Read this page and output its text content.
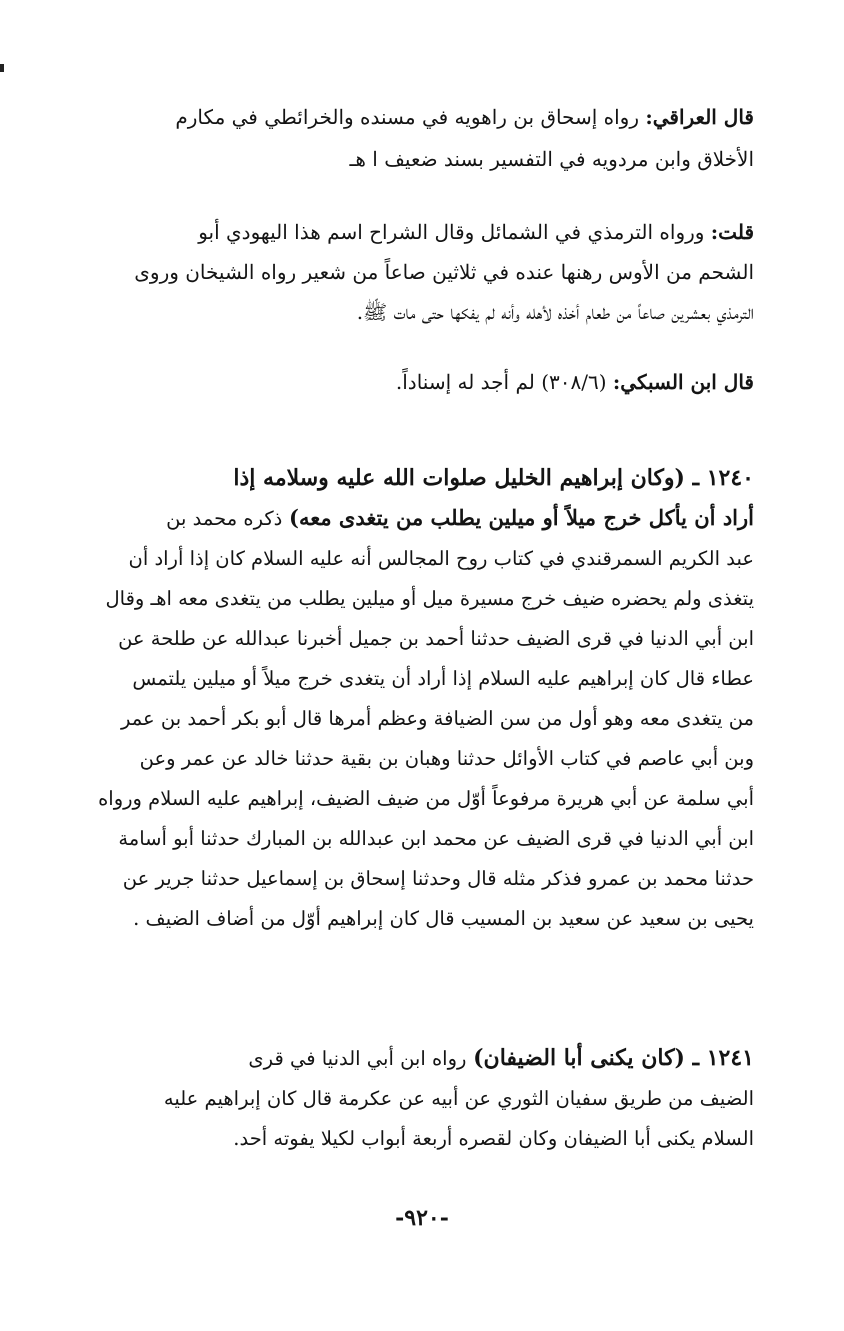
قال العراقي: رواه إسحاق بن راهويه في مسنده والخرائطي في مكارم
الأخلاق وابن مردويه في التفسير بسند ضعيف ا هـ
قلت: ورواه الترمذي في الشمائل وقال الشراح اسم هذا اليهودي أبو
الشحم من الأوس رهنها عنده في ثلاثين صاعاً من شعير رواه الشيخان وروى
الترمذي بعشرين صاعاً من طعام أخذه لأهله وأنه لم يفكها حتى مات ﷺ.
قال ابن السبكي: (٣٠٨/٦) لم أجد له إسناداً.
١٢٤٠ ـ (وكان إبراهيم الخليل صلوات الله عليه وسلامه إذا
أراد أن يأكل خرج ميلاً أو ميلين يطلب من يتغدى معه) ذكره محمد بن
عبد الكريم السمرقندي في كتاب روح المجالس أنه عليه السلام كان إذا أراد أن
يتغذى ولم يحضره ضيف خرج مسيرة ميل أو ميلين يطلب من يتغدى معه اهـ وقال
ابن أبي الدنيا في قرى الضيف حدثنا أحمد بن جميل أخبرنا عبدالله عن طلحة عن
عطاء قال كان إبراهيم عليه السلام إذا أراد أن يتغدى خرج ميلاً أو ميلين يلتمس
من يتغدى معه وهو أول من سن الضيافة وعظم أمرها قال أبو بكر أحمد بن عمر
وبن أبي عاصم في كتاب الأوائل حدثنا وهبان بن بقية حدثنا خالد عن عمر وعن
أبي سلمة عن أبي هريرة مرفوعاً أوّل من ضيف الضيف، إبراهيم عليه السلام ورواه
ابن أبي الدنيا في قرى الضيف عن محمد ابن عبدالله بن المبارك حدثنا أبو أسامة
حدثنا محمد بن عمرو فذكر مثله قال وحدثنا إسحاق بن إسماعيل حدثنا جرير عن
يحيى بن سعيد عن سعيد بن المسيب قال كان إبراهيم أوّل من أضاف الضيف .
١٢٤١ ـ (كان يكنى أبا الضيفان) رواه ابن أبي الدنيا في قرى
الضيف من طريق سفيان الثوري عن أبيه عن عكرمة قال كان إبراهيم عليه
السلام يكنى أبا الضيفان وكان لقصره أربعة أبواب لكيلا يفوته أحد.
-٩٢٠-
